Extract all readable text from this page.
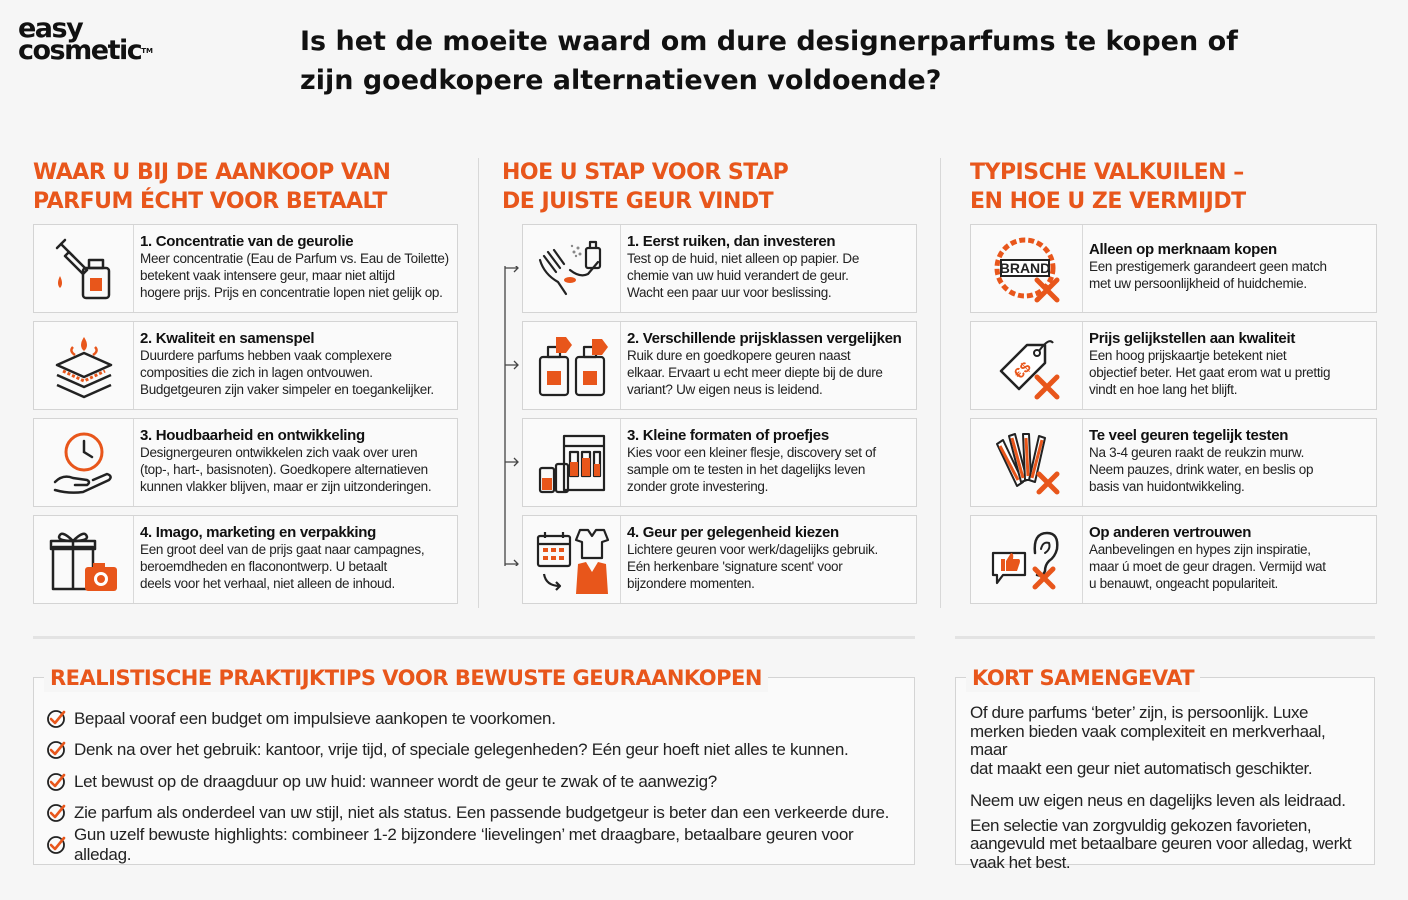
easy
cosmetic™	Is het de moeite waard om dure designerparfums te kopen of
zijn goedkopere alternatieven voldoende?
WAAR U BIJ DE AANKOOP VAN
PARFUM ÉCHT VOOR BETAALT
1. Concentratie van de geurolie
Meer concentratie (Eau de Parfum vs. Eau de Toilette)
betekent vaak intensere geur, maar niet altijd
hogere prijs. Prijs en concentratie lopen niet gelijk op.
2. Kwaliteit en samenspel
Duurdere parfums hebben vaak complexere
composities die zich in lagen ontvouwen.
Budgetgeuren zijn vaker simpeler en toegankelijker.
3. Houdbaarheid en ontwikkeling
Designergeuren ontwikkelen zich vaak over uren
(top-, hart-, basisnoten). Goedkopere alternatieven
kunnen vlakker blijven, maar er zijn uitzonderingen.
4. Imago, marketing en verpakking
Een groot deel van de prijs gaat naar campagnes,
beroemdheden en flaconontwerp. U betaalt
deels voor het verhaal, niet alleen de inhoud.
HOE U STAP VOOR STAP
DE JUISTE GEUR VINDT
1. Eerst ruiken, dan investeren
Test op de huid, niet alleen op papier. De
chemie van uw huid verandert de geur.
Wacht een paar uur voor beslissing.
2. Verschillende prijsklassen vergelijken
Ruik dure en goedkopere geuren naast
elkaar. Ervaart u echt meer diepte bij de dure
variant? Uw eigen neus is leidend.
3. Kleine formaten of proefjes
Kies voor een kleiner flesje, discovery set of
sample om te testen in het dagelijks leven
zonder grote investering.
4. Geur per gelegenheid kiezen
Lichtere geuren voor werk/dagelijks gebruik.
Eén herkenbare 'signature scent' voor
bijzondere momenten.
TYPISCHE VALKUILEN –
EN HOE U ZE VERMIJDT
BRAND
Alleen op merknaam kopen
Een prestigemerk garandeert geen match
met uw persoonlijkheid of huidchemie.
€$
Prijs gelijkstellen aan kwaliteit
Een hoog prijskaartje betekent niet
objectief beter. Het gaat erom wat u prettig
vindt en hoe lang het blijft.
Te veel geuren tegelijk testen
Na 3-4 geuren raakt de reukzin murw.
Neem pauzes, drink water, en beslis op
basis van huidontwikkeling.
Op anderen vertrouwen
Aanbevelingen en hypes zijn inspiratie,
maar ú moet de geur dragen. Vermijd wat
u benauwt, ongeacht populariteit.
REALISTISCHE PRAKTIJKTIPS VOOR BEWUSTE GEURAANKOPEN
Bepaal vooraf een budget om impulsieve aankopen te voorkomen.
Denk na over het gebruik: kantoor, vrije tijd, of speciale gelegenheden? Eén geur hoeft niet alles te kunnen.
Let bewust op de draagduur op uw huid: wanneer wordt de geur te zwak of te aanwezig?
Zie parfum als onderdeel van uw stijl, niet als status. Een passende budgetgeur is beter dan een verkeerde dure.
Gun uzelf bewuste highlights: combineer 1-2 bijzondere ‘lievelingen’ met draagbare, betaalbare geuren voor alledag.
KORT SAMENGEVAT

Of dure parfums ‘beter’ zijn, is persoonlijk. Luxe
merken bieden vaak complexiteit en merkverhaal, maar
dat maakt een geur niet automatisch geschikter.

Neem uw eigen neus en dagelijks leven als leidraad.

Een selectie van zorgvuldig gekozen favorieten,
aangevuld met betaalbare geuren voor alledag, werkt
vaak het best.
